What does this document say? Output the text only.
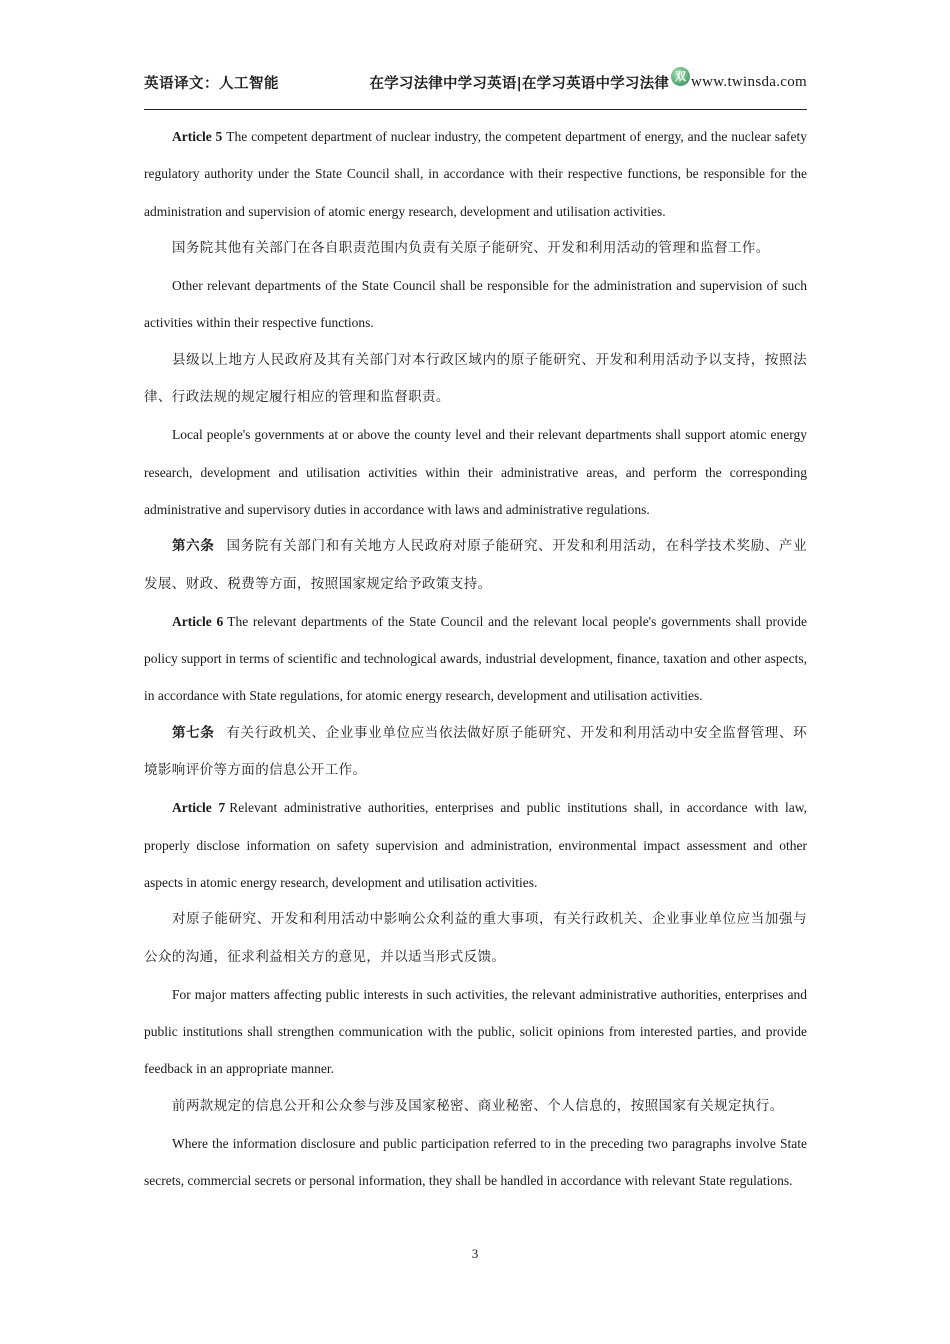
英语译文：人工智能	在学习法律中学习英语|在学习英语中学习法律 双 www.twinsda.com

Article 5 The competent department of nuclear industry, the competent department of energy, and the nuclear safety regulatory authority under the State Council shall, in accordance with their respective functions, be responsible for the administration and supervision of atomic energy research, development and utilisation activities.

国务院其他有关部门在各自职责范围内负责有关原子能研究、开发和利用活动的管理和监督工作。

Other relevant departments of the State Council shall be responsible for the administration and supervision of such activities within their respective functions.

县级以上地方人民政府及其有关部门对本行政区域内的原子能研究、开发和利用活动予以支持，按照法律、行政法规的规定履行相应的管理和监督职责。

Local people's governments at or above the county level and their relevant departments shall support atomic energy research, development and utilisation activities within their administrative areas, and perform the corresponding administrative and supervisory duties in accordance with laws and administrative regulations.

第六条 国务院有关部门和有关地方人民政府对原子能研究、开发和利用活动，在科学技术奖励、产业发展、财政、税费等方面，按照国家规定给予政策支持。

Article 6 The relevant departments of the State Council and the relevant local people's governments shall provide policy support in terms of scientific and technological awards, industrial development, finance, taxation and other aspects, in accordance with State regulations, for atomic energy research, development and utilisation activities.

第七条 有关行政机关、企业事业单位应当依法做好原子能研究、开发和利用活动中安全监督管理、环境影响评价等方面的信息公开工作。

Article 7 Relevant administrative authorities, enterprises and public institutions shall, in accordance with law, properly disclose information on safety supervision and administration, environmental impact assessment and other aspects in atomic energy research, development and utilisation activities.

对原子能研究、开发和利用活动中影响公众利益的重大事项，有关行政机关、企业事业单位应当加强与公众的沟通，征求利益相关方的意见，并以适当形式反馈。

For major matters affecting public interests in such activities, the relevant administrative authorities, enterprises and public institutions shall strengthen communication with the public, solicit opinions from interested parties, and provide feedback in an appropriate manner.

前两款规定的信息公开和公众参与涉及国家秘密、商业秘密、个人信息的，按照国家有关规定执行。

Where the information disclosure and public participation referred to in the preceding two paragraphs involve State secrets, commercial secrets or personal information, they shall be handled in accordance with relevant State regulations.

3
